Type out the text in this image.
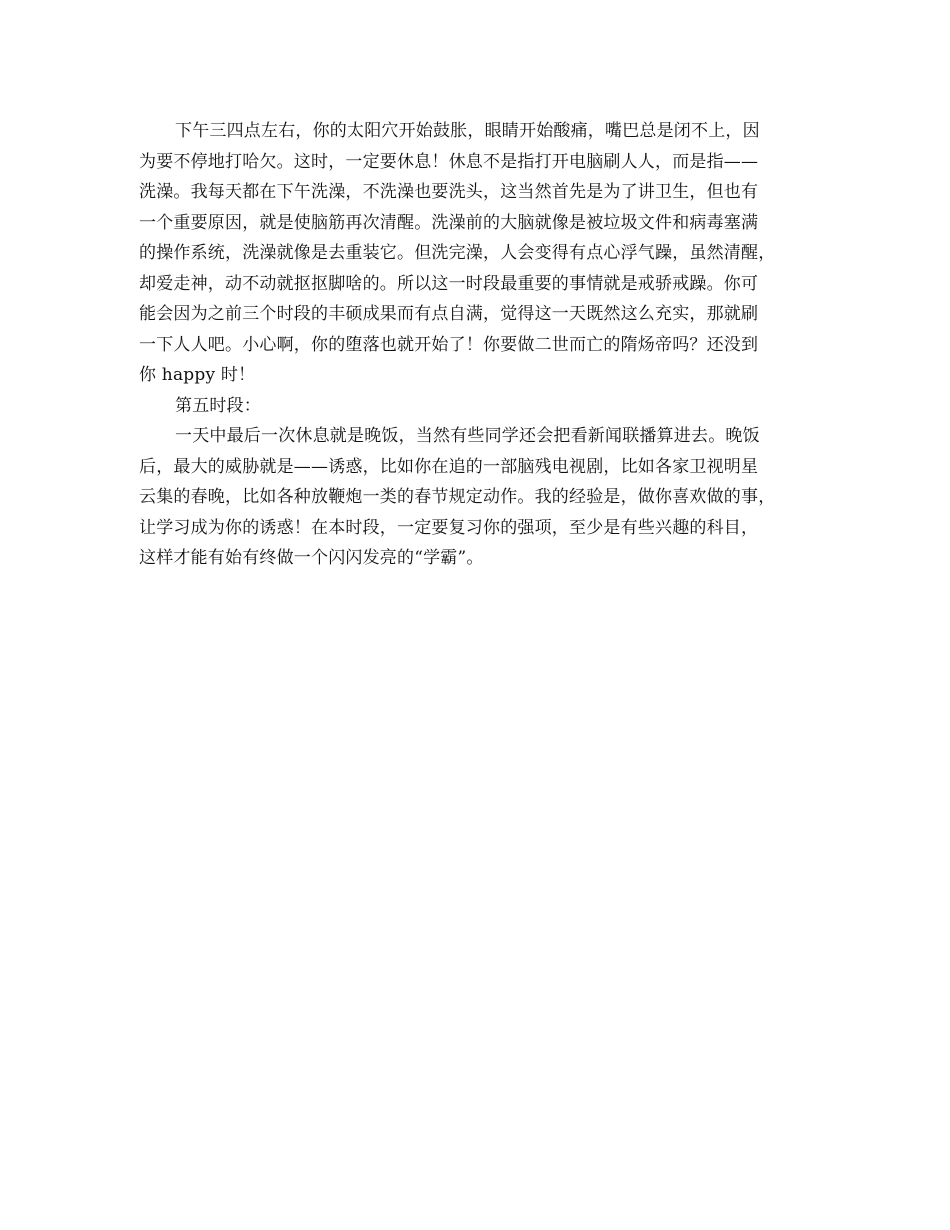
下午三四点左右，你的太阳穴开始鼓胀，眼睛开始酸痛，嘴巴总是闭不上，因
为要不停地打哈欠。这时，一定要休息！休息不是指打开电脑刷人人，而是指——
洗澡。我每天都在下午洗澡，不洗澡也要洗头，这当然首先是为了讲卫生，但也有
一个重要原因，就是使脑筋再次清醒。洗澡前的大脑就像是被垃圾文件和病毒塞满
的操作系统，洗澡就像是去重装它。但洗完澡，人会变得有点心浮气躁，虽然清醒，
却爱走神，动不动就抠抠脚啥的。所以这一时段最重要的事情就是戒骄戒躁。你可
能会因为之前三个时段的丰硕成果而有点自满，觉得这一天既然这么充实，那就刷
一下人人吧。小心啊，你的堕落也就开始了！你要做二世而亡的隋炀帝吗？还没到
你 happy 时！
第五时段：
一天中最后一次休息就是晚饭，当然有些同学还会把看新闻联播算进去。晚饭
后，最大的威胁就是——诱惑，比如你在追的一部脑残电视剧，比如各家卫视明星
云集的春晚，比如各种放鞭炮一类的春节规定动作。我的经验是，做你喜欢做的事，
让学习成为你的诱惑！在本时段，一定要复习你的强项，至少是有些兴趣的科目，
这样才能有始有终做一个闪闪发亮的“学霸”。
